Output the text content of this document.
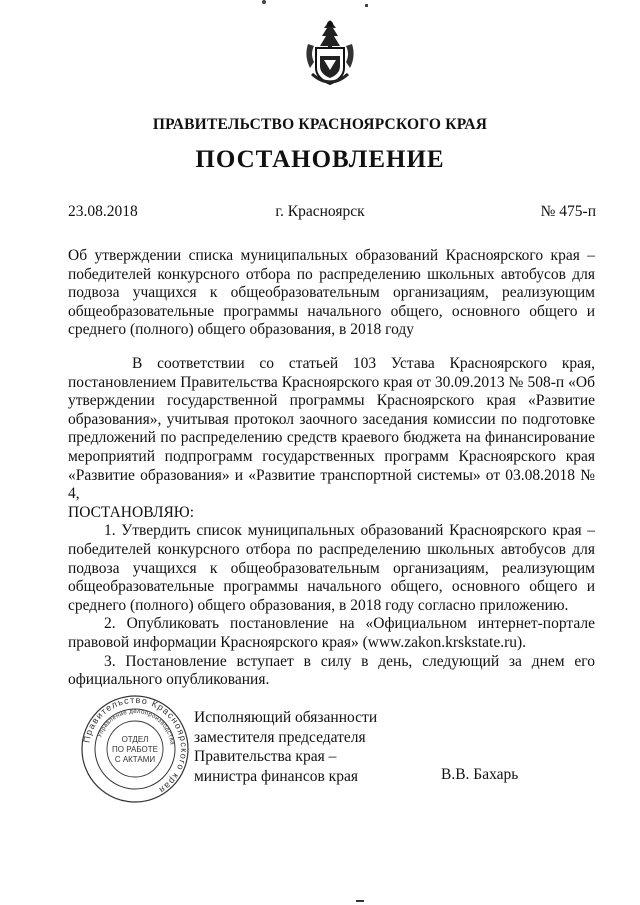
ПРАВИТЕЛЬСТВО КРАСНОЯРСКОГО КРАЯ
ПОСТАНОВЛЕНИЕ
23.08.2018	г. Красноярск	№ 475-п
Об утверждении списка муниципальных образований Красноярского края – победителей конкурсного отбора по распределению школьных автобусов для подвоза учащихся к общеобразовательным организациям, реализующим общеобразовательные программы начального общего, основного общего и среднего (полного) общего образования, в 2018 году
В соответствии со статьей 103 Устава Красноярского края, постановлением Правительства Красноярского края от 30.09.2013 № 508-п «Об утверждении государственной программы Красноярского края «Развитие образования», учитывая протокол заочного заседания комиссии по подготовке предложений по распределению средств краевого бюджета на финансирование мероприятий подпрограмм государственных программ Красноярского края «Развитие образования» и «Развитие транспортной системы» от 03.08.2018 № 4,
ПОСТАНОВЛЯЮ:
1. Утвердить список муниципальных образований Красноярского края – победителей конкурсного отбора по распределению школьных автобусов для подвоза учащихся к общеобразовательным организациям, реализующим общеобразовательные программы начального общего, основного общего и среднего (полного) общего образования, в 2018 году согласно приложению.
2. Опубликовать постановление на «Официальном интернет-портале правовой информации Красноярского края» (www.zakon.krskstate.ru).
3. Постановление вступает в силу в день, следующий за днем его официального опубликования.
Правительство Красноярского края
Управление делопроизводства
ОТДЕЛ
ПО РАБОТЕ
С АКТАМИ
Исполняющий обязанности
заместителя председателя
Правительства края –
министра финансов края	В.В. Бахарь
